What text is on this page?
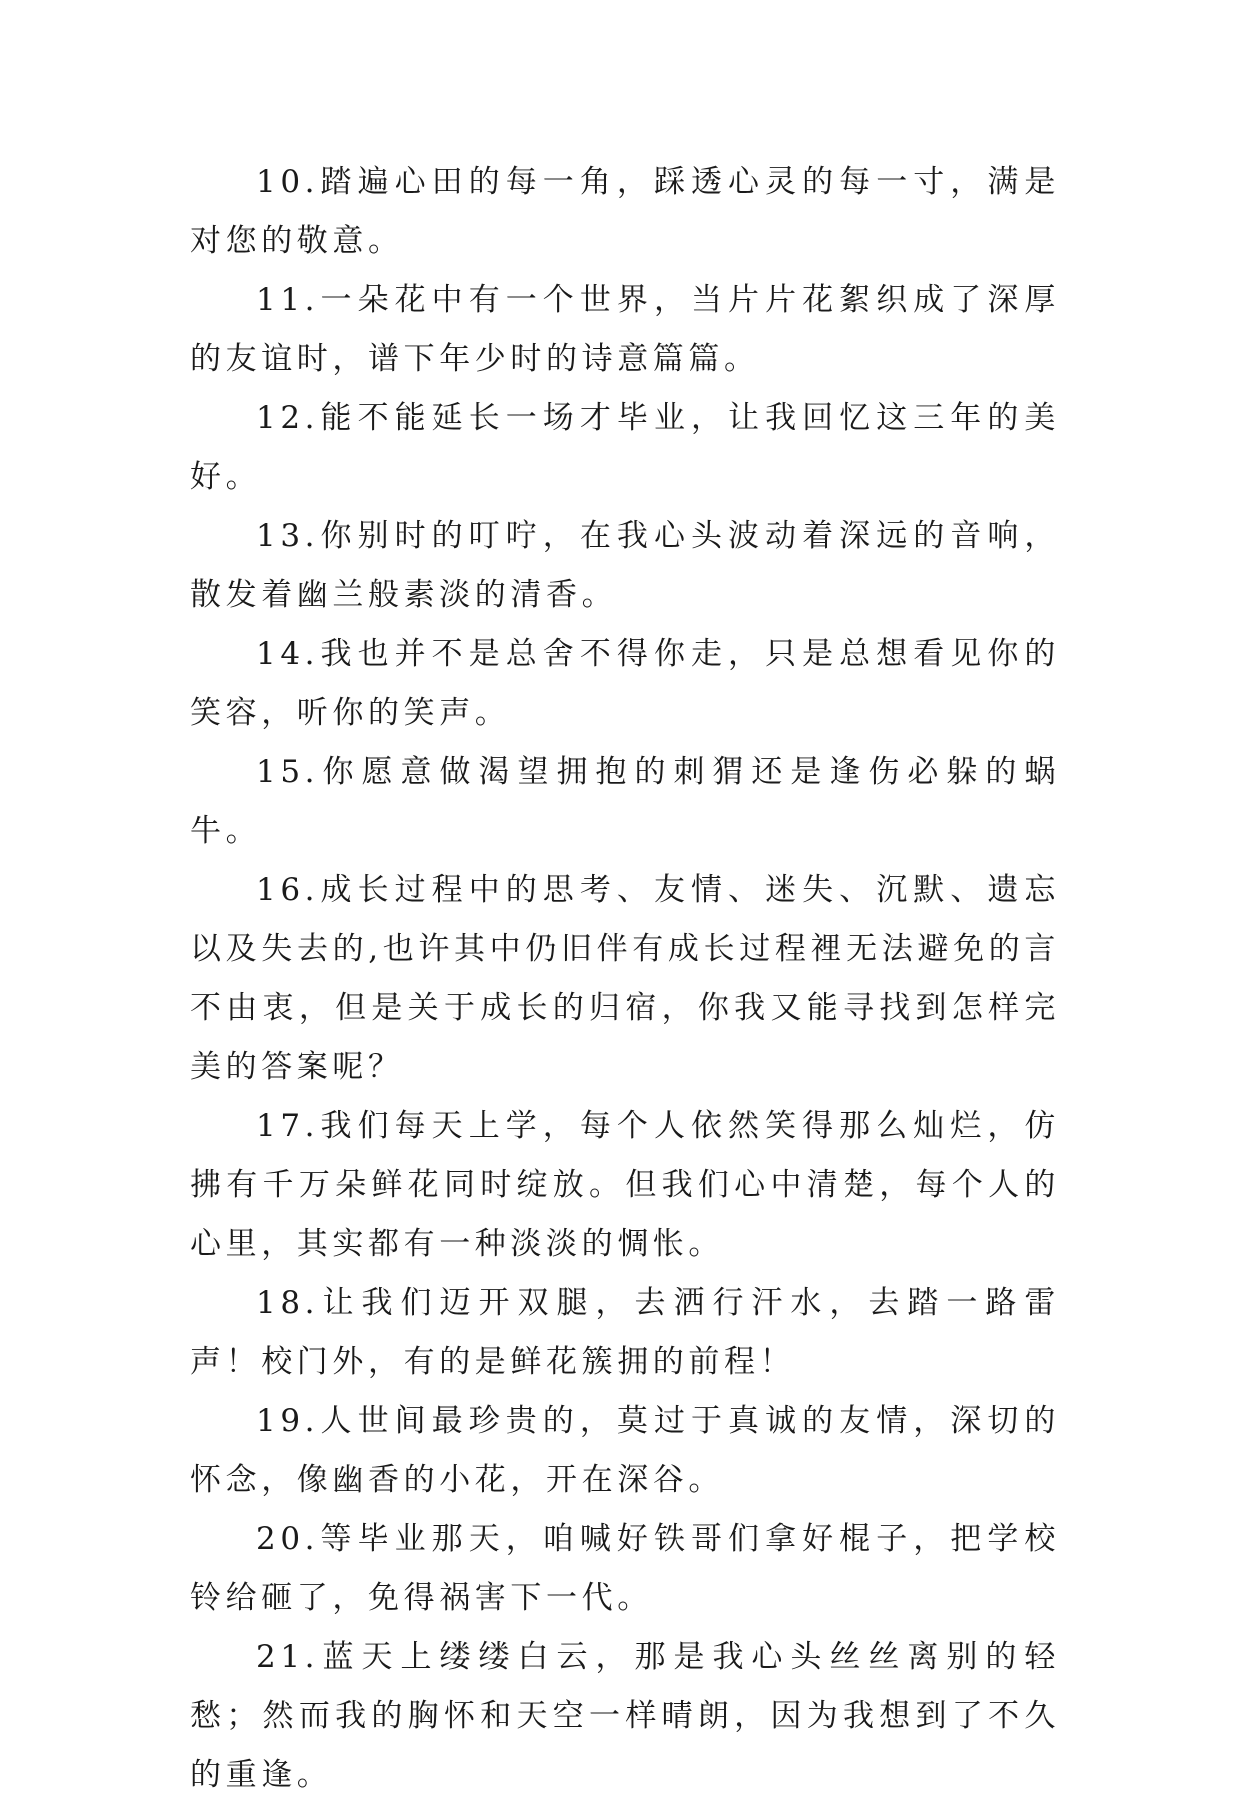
10.踏遍心田的每一角，踩透心灵的每一寸，满是对您的敬意。

11.一朵花中有一个世界，当片片花絮织成了深厚的友谊时，谱下年少时的诗意篇篇。

12.能不能延长一场才毕业，让我回忆这三年的美好。

13.你别时的叮咛，在我心头波动着深远的音响，散发着幽兰般素淡的清香。

14.我也并不是总舍不得你走，只是总想看见你的笑容，听你的笑声。

15.你愿意做渴望拥抱的刺猬还是逢伤必躲的蜗牛。

16.成长过程中的思考、友情、迷失、沉默、遗忘以及失去的,也许其中仍旧伴有成长过程裡无法避免的言不由衷，但是关于成长的归宿，你我又能寻找到怎样完美的答案呢？

17.我们每天上学，每个人依然笑得那么灿烂，仿拂有千万朵鲜花同时绽放。但我们心中清楚，每个人的心里，其实都有一种淡淡的惆怅。

18.让我们迈开双腿，去洒行汗水，去踏一路雷声！校门外，有的是鲜花簇拥的前程！

19.人世间最珍贵的，莫过于真诚的友情，深切的怀念，像幽香的小花，开在深谷。

20.等毕业那天，咱喊好铁哥们拿好棍子，把学校铃给砸了，免得祸害下一代。

21.蓝天上缕缕白云，那是我心头丝丝离别的轻愁；然而我的胸怀和天空一样晴朗，因为我想到了不久的重逢。
